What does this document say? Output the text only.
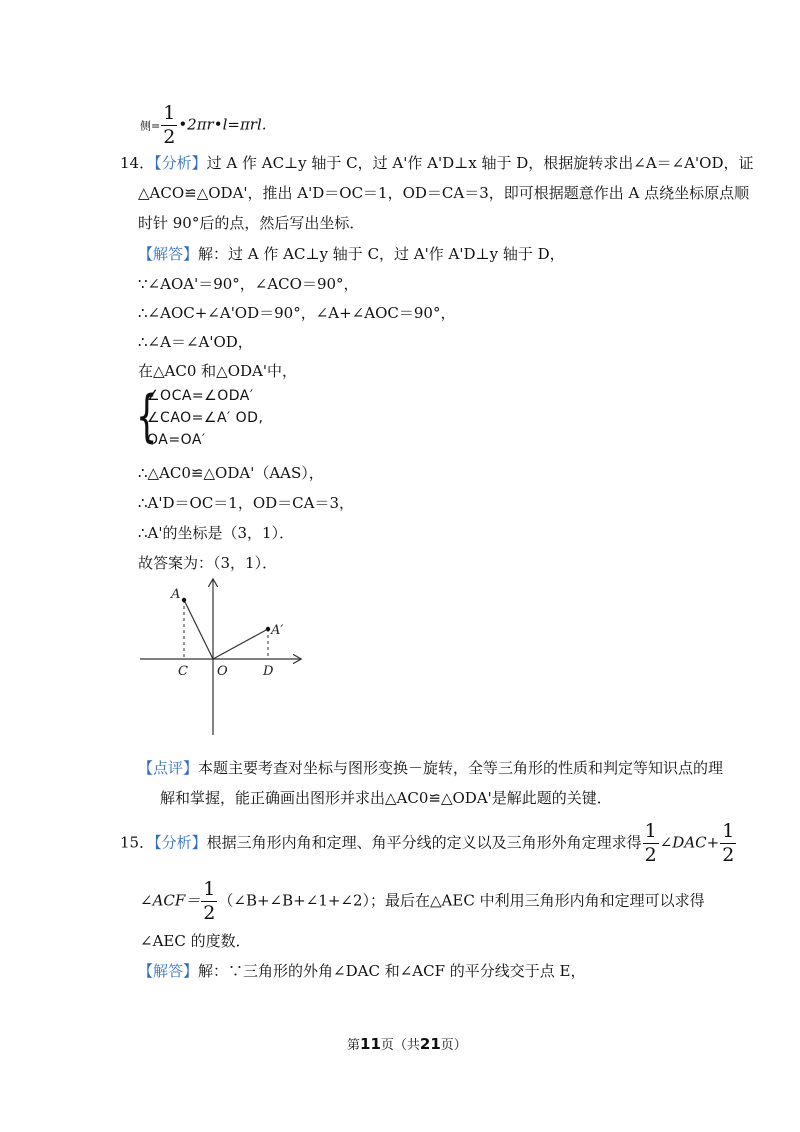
侧= $\frac{1}{2}$ •2πr•l=πrl.
14．【分析】过 A 作 AC⊥y 轴于 C，过 A'作 A'D⊥x 轴于 D，根据旋转求出∠A＝∠A'OD，证
△ACO≌△ODA'，推出 A'D＝OC＝1，OD＝CA＝3，即可根据题意作出 A 点绕坐标原点顺
时针 90°后的点，然后写出坐标．
【解答】解：过 A 作 AC⊥y 轴于 C，过 A'作 A'D⊥y 轴于 D，
∵∠AOA'＝90°，∠ACO＝90°，
∴∠AOC+∠A'OD＝90°，∠A+∠AOC＝90°，
∴∠A＝∠A'OD，
在△AC0 和△ODA'中，
{
∠OCA=∠ODA′
∠CAO=∠A′ OD,
OA=OA′
∴△AC0≌△ODA'（AAS），
∴A'D＝OC＝1，OD＝CA＝3，
∴A'的坐标是（3，1）．
故答案为：（3，1）．
A
A′
C O	D
【点评】本题主要考查对坐标与图形变换－旋转，全等三角形的性质和判定等知识点的理
解和掌握，能正确画出图形并求出△AC0≌△ODA'是解此题的关键．
15．【分析】根据三角形内角和定理、角平分线的定义以及三角形外角定理求得 $\frac{1}{2}$ ∠DAC+ $\frac{1}{2}$
∠ACF＝ $\frac{1}{2}$ （∠B+∠B+∠1+∠2）；最后在△AEC 中利用三角形内角和定理可以求得
∠AEC 的度数．
【解答】解：∵三角形的外角∠DAC 和∠ACF 的平分线交于点 E，
第11页（共21页）
